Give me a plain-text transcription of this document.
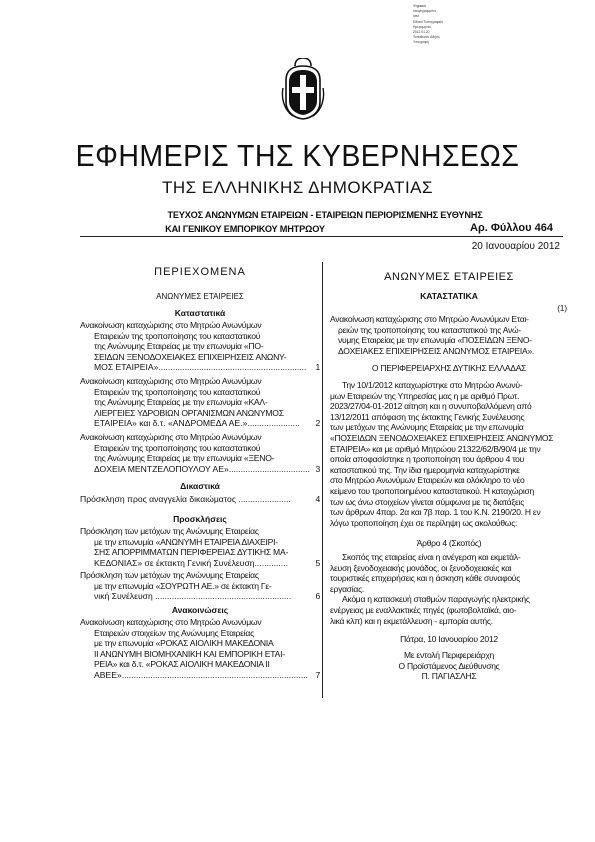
Ψηφιακά
υπογεγραμμένο
από
Εθνικό Τυπογραφείο
Ημερομηνία:
2012.01.20
Τοποθεσία: Αθήνα
Υπογραφή
ΕΦΗΜΕΡΙΣ ΤΗΣ ΚΥΒΕΡΝΗΣΕΩΣ
ΤΗΣ ΕΛΛΗΝΙΚΗΣ ΔΗΜΟΚΡΑΤΙΑΣ
ΤΕΥΧΟΣ ΑΝΩΝΥΜΩΝ ΕΤΑΙΡΕΙΩΝ - ΕΤΑΙΡΕΙΩΝ ΠΕΡΙΟΡΙΣΜΕΝΗΣ ΕΥΘΥΝΗΣ
ΚΑΙ ΓΕΝΙΚΟΥ ΕΜΠΟΡΙΚΟΥ ΜΗΤΡΩΟΥ	Αρ. Φύλλου 464
20 Ιανουαρίου 2012
ΠΕΡΙΕΧΟΜΕΝΑ
ΑΝΩΝΥΜΕΣ ΕΤΑΙΡΕΙΕΣ
Καταστατικά
Ανακοίνωση καταχώρισης στο Μητρώο Ανωνύμων
Εταιρειών της τροποποίησης του καταστατικού
της Ανώνυμης Εταιρείας με την επωνυμία «ΠΟ-
ΣΕΙΔΩΝ ΞΕΝΟΔΟΧΕΙΑΚΕΣ ΕΠΙΧΕΙΡΗΣΕΙΣ ΑΝΩΝΥ-
ΜΟΣ ΕΤΑΙΡΕΙΑ»..............................................................	1
Ανακοίνωση καταχώρισης στο Μητρώο Ανωνύμων
Εταιρειών της τροποποίησης του καταστατικού
της Ανώνυμης Εταιρείας με την επωνυμία «ΚΑΛ-
ΛΙΕΡΓΕΙΕΣ ΥΔΡΟΒΙΩΝ ΟΡΓΑΝΙΣΜΩΝ ΑΝΩΝΥΜΟΣ
ΕΤΑΙΡΕΙΑ» και δ.τ. «ΑΝΔΡΟΜΕΔΑ ΑΕ.»......................	2
Ανακοίνωση καταχώρισης στο Μητρώο Ανωνύμων
Εταιρειών της τροποποίησης του καταστατικού
της Ανώνυμης Εταιρείας με την επωνυμία «ΞΕΝΟ-
ΔΟΧΕΙΑ ΜΕΝΤΖΕΛΟΠΟΥΛΟΥ ΑΕ».................................. 3
Δικαστικά
Πρόσκληση προς αναγγελία δικαιώματος ......................	4
Προσκλήσεις
Πρόσκληση των μετόχων της Ανώνυμης Εταιρείας
με την επωνυμία «ΑΝΩΝΥΜΗ ΕΤΑΙΡΕΙΑ ΔΙΑΧΕΙΡΙ-
ΣΗΣ ΑΠΟΡΡΙΜΜΑΤΩΝ ΠΕΡΙΦΕΡΕΙΑΣ ΔΥΤΙΚΗΣ ΜΑ-
ΚΕΔΟΝΙΑΣ» σε έκτακτη Γενική Συνέλευση..............	5
Πρόσκληση των μετόχων της Ανώνυμης Εταιρείας
με την επωνυμία «ΣΟΥΡΩΤΗ ΑΕ.» σε έκτακτη Γε-
νική Συνέλευση .........................................................	6
Ανακοινώσεις
Ανακοίνωση καταχώρισης στο Μητρώο Ανωνύμων
Εταιρειών στοιχείων της Ανώνυμης Εταιρείας
με την επωνυμία «ΡΟΚΑΣ ΑΙΟΛΙΚΗ ΜΑΚΕΔΟΝΙΑ
ΙΙ ΑΝΩΝΥΜΗ ΒΙΟΜΗΧΑΝΙΚΗ ΚΑΙ ΕΜΠΟΡΙΚΗ ΕΤΑΙ-
ΡΕΙΑ» και δ.τ. «ΡΟΚΑΣ ΑΙΟΛΙΚΗ ΜΑΚΕΔΟΝΙΑ ΙΙ
ΑΒΕΕ».............................................................................. 7
ΑΝΩΝΥΜΕΣ ΕΤΑΙΡΕΙΕΣ
ΚΑΤΑΣΤΑΤΙΚΑ
(1)
Ανακοίνωση καταχώρισης στο Μητρώο Ανωνύμων Εται-
ρειών της τροποποίησης του καταστατικού της Ανώ-
νυμης Εταιρείας με την επωνυμία «ΠΟΣΕΙΔΩΝ ΞΕΝΟ-
ΔΟΧΕΙΑΚΕΣ ΕΠΙΧΕΙΡΗΣΕΙΣ ΑΝΩΝΥΜΟΣ ΕΤΑΙΡΕΙΑ».
Ο ΠΕΡΙΦΕΡΕΙΑΡΧΗΣ ΔΥΤΙΚΗΣ ΕΛΛΑΔΑΣ
Την 10/1/2012 καταχωρίστηκε στο Μητρώο Ανωνύ-
μων Εταιρειών της Υπηρεσίας μας η με αριθμό Πρωτ.
2023/27/04-01-2012 αίτηση και η συνυποβαλλόμενη από
13/12/2011 απόφαση της έκτακτης Γενικής Συνέλευσης
των μετόχων της Ανώνυμης Εταιρείας με την επωνυμία
«ΠΟΣΕΙΔΩΝ ΞΕΝΟΔΟΧΕΙΑΚΕΣ ΕΠΙΧΕΙΡΗΣΕΙΣ ΑΝΩΝΥΜΟΣ
ΕΤΑΙΡΕΙΑ» και με αριθμό Μητρώου 21322/62/Β/90/4 με την
οποία αποφασίστηκε η τροποποίηση του άρθρου 4 του
καταστατικού της. Την ίδια ημερομηνία καταχωρίστηκε
στο Μητρώο Ανωνύμων Εταιρειών και ολόκληρο το νέο
κείμενο του τροποποιημένου καταστατικού. Η καταχώριση
των ως άνω στοιχείων γίνεται σύμφωνα με τις διατάξεις
των άρθρων 4παρ. 2α και 7β παρ. 1 του Κ.Ν. 2190/20. Η εν
λόγω τροποποίηση έχει σε περίληψη ως ακολούθως:
Άρθρο 4 (Σκοπός)
Σκοπός της εταιρείας είναι η ανέγερση και εκμετάλ-
λευση ξενοδοχειακής μονάδος, οι ξενοδοχειακές και
τουριστικές επιχειρήσεις και η άσκηση κάθε συναφούς
εργασίας.
Ακόμα η κατασκευή σταθμών παραγωγής ηλεκτρικής
ενέργειας με εναλλακτικές πηγές (φωτοβολταϊκά, αιο-
λικά κλπ) και η εκμετάλλευση - εμπορία αυτής.
Πάτρα, 10 Ιανουαρίου 2012
Με εντολή Περιφερειάρχη
Ο Προϊστάμενος Διεύθυνσης
Π. ΠΑΓΙΑΣΛΗΣ
